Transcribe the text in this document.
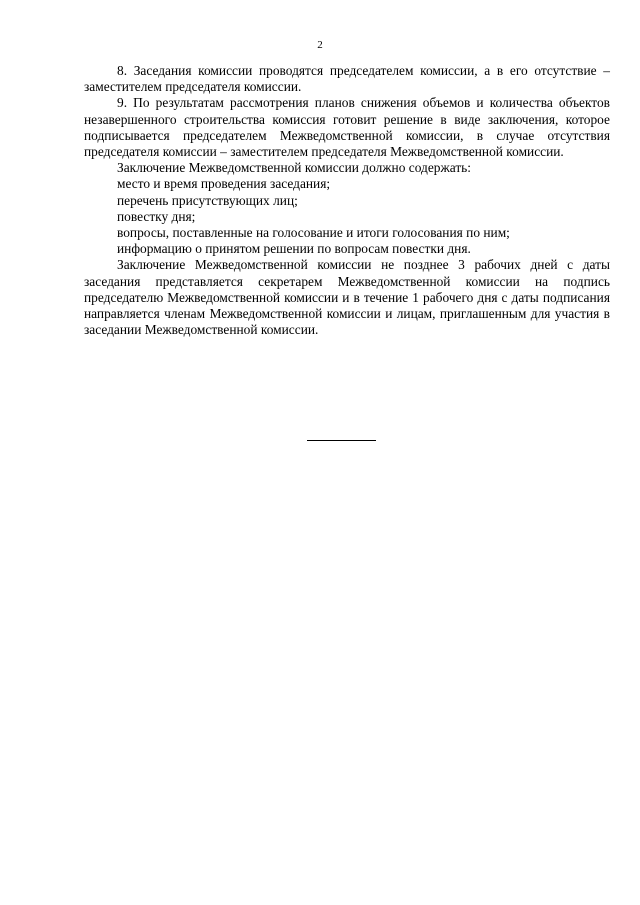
2

8. Заседания комиссии проводятся председателем комиссии, а в его отсутствие – заместителем председателя комиссии.

9. По результатам рассмотрения планов снижения объемов и количества объектов незавершенного строительства комиссия готовит решение в виде заключения, которое подписывается председателем Межведомственной комиссии, в случае отсутствия председателя комиссии – заместителем председателя Межведомственной комиссии.

Заключение Межведомственной комиссии должно содержать:

место и время проведения заседания;

перечень присутствующих лиц;

повестку дня;

вопросы, поставленные на голосование и итоги голосования по ним;

информацию о принятом решении по вопросам повестки дня.

Заключение Межведомственной комиссии не позднее 3 рабочих дней с даты заседания представляется секретарем Межведомственной комиссии на подпись председателю Межведомственной комиссии и в течение 1 рабочего дня с даты подписания направляется членам Межведомственной комиссии и лицам, приглашенным для участия в заседании Межведомственной комиссии.
